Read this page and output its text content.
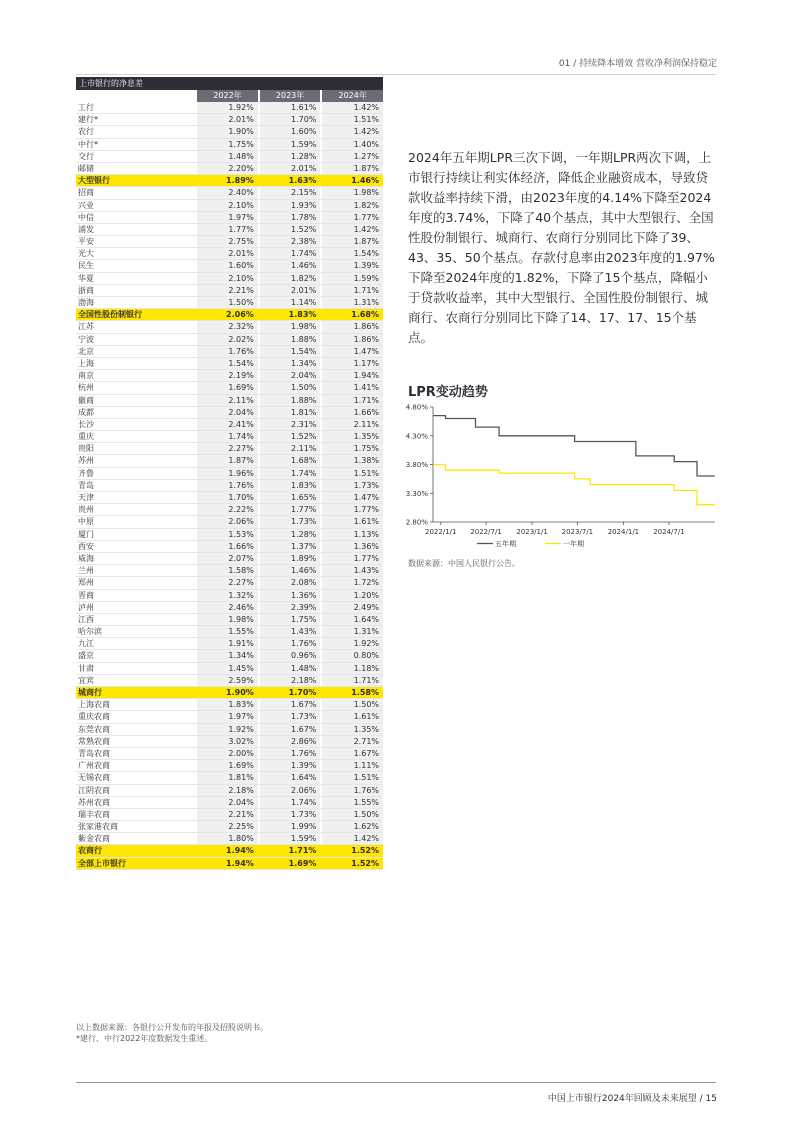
01 / 持续降本增效 营收净利润保持稳定
上市银行的净息差
2022年	2023年	2024年
工行	1.92%	1.61%	1.42%
建行*	2.01%	1.70%	1.51%
农行	1.90%	1.60%	1.42%
中行*	1.75%	1.59%	1.40%
交行	1.48%	1.28%	1.27%
邮储	2.20%	2.01%	1.87%
大型银行	1.89%	1.63%	1.46%
招商	2.40%	2.15%	1.98%
兴业	2.10%	1.93%	1.82%
中信	1.97%	1.78%	1.77%
浦发	1.77%	1.52%	1.42%
平安	2.75%	2.38%	1.87%
光大	2.01%	1.74%	1.54%
民生	1.60%	1.46%	1.39%
华夏	2.10%	1.82%	1.59%
浙商	2.21%	2.01%	1.71%
渤海	1.50%	1.14%	1.31%
全国性股份制银行	2.06%	1.83%	1.68%
江苏	2.32%	1.98%	1.86%
宁波	2.02%	1.88%	1.86%
北京	1.76%	1.54%	1.47%
上海	1.54%	1.34%	1.17%
南京	2.19%	2.04%	1.94%
杭州	1.69%	1.50%	1.41%
徽商	2.11%	1.88%	1.71%
成都	2.04%	1.81%	1.66%
长沙	2.41%	2.31%	2.11%
重庆	1.74%	1.52%	1.35%
贵阳	2.27%	2.11%	1.75%
苏州	1.87%	1.68%	1.38%
齐鲁	1.96%	1.74%	1.51%
青岛	1.76%	1.83%	1.73%
天津	1.70%	1.65%	1.47%
贵州	2.22%	1.77%	1.77%
中原	2.06%	1.73%	1.61%
厦门	1.53%	1.28%	1.13%
西安	1.66%	1.37%	1.36%
威海	2.07%	1.89%	1.77%
兰州	1.58%	1.46%	1.43%
郑州	2.27%	2.08%	1.72%
晋商	1.32%	1.36%	1.20%
泸州	2.46%	2.39%	2.49%
江西	1.98%	1.75%	1.64%
哈尔滨	1.55%	1.43%	1.31%
九江	1.91%	1.76%	1.92%
盛京	1.34%	0.96%	0.80%
甘肃	1.45%	1.48%	1.18%
宜宾	2.59%	2.18%	1.71%
城商行	1.90%	1.70%	1.58%
上海农商	1.83%	1.67%	1.50%
重庆农商	1.97%	1.73%	1.61%
东莞农商	1.92%	1.67%	1.35%
常熟农商	3.02%	2.86%	2.71%
青岛农商	2.00%	1.76%	1.67%
广州农商	1.69%	1.39%	1.11%
无锡农商	1.81%	1.64%	1.51%
江阴农商	2.18%	2.06%	1.76%
苏州农商	2.04%	1.74%	1.55%
瑞丰农商	2.21%	1.73%	1.50%
张家港农商	2.25%	1.99%	1.62%
紫金农商	1.80%	1.59%	1.42%
农商行	1.94%	1.71%	1.52%
全部上市银行	1.94%	1.69%	1.52%
以上数据来源：各银行公开发布的年报及招股说明书。
*建行、中行2022年度数据发生重述。
2024年五年期LPR三次下调，一年期LPR两次下调，上市银行持续让利实体经济，降低企业融资成本，导致贷款收益率持续下滑，由2023年度的4.14%下降至2024年度的3.74%，下降了40个基点，其中大型银行、全国性股份制银行、城商行、农商行分别同比下降了39、43、35、50个基点。存款付息率由2023年度的1.97%下降至2024年度的1.82%，下降了15个基点，降幅小于贷款收益率，其中大型银行、全国性股份制银行、城商行、农商行分别同比下降了14、17、17、15个基点。
LPR变动趋势
4.80%
4.30%
3.80%
3.30%
2.80%
2022/1/1 2022/7/1 2023/1/1 2023/7/1 2024/1/1 2024/7/1
五年期	一年期
数据来源：中国人民银行公告。
中国上市银行2024年回顾及未来展望 / 15
